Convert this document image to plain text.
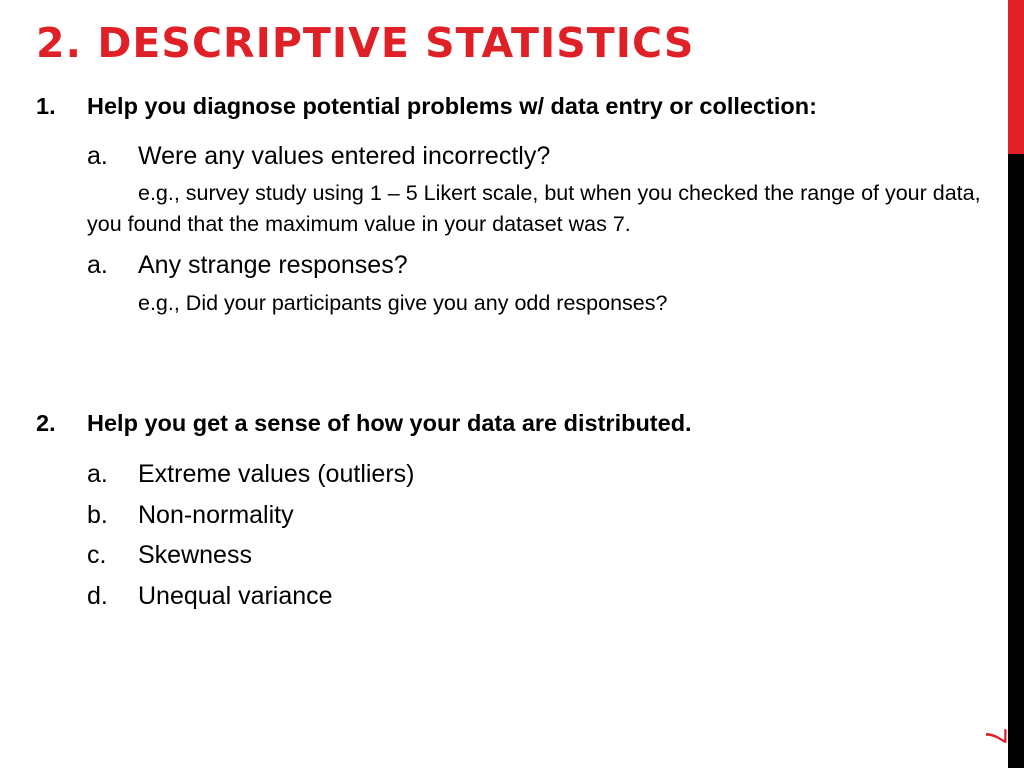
2. DESCRIPTIVE STATISTICS
1. Help you diagnose potential problems w/ data entry or collection:
a. Were any values entered incorrectly?

e.g., survey study using 1 – 5 Likert scale, but when you checked the range of your data, you found that the maximum value in your dataset was 7.

a. Any strange responses?
e.g., Did your participants give you any odd responses?
2. Help you get a sense of how your data are distributed.
a. Extreme values (outliers)
b. Non-normality
c. Skewness
d. Unequal variance
7
